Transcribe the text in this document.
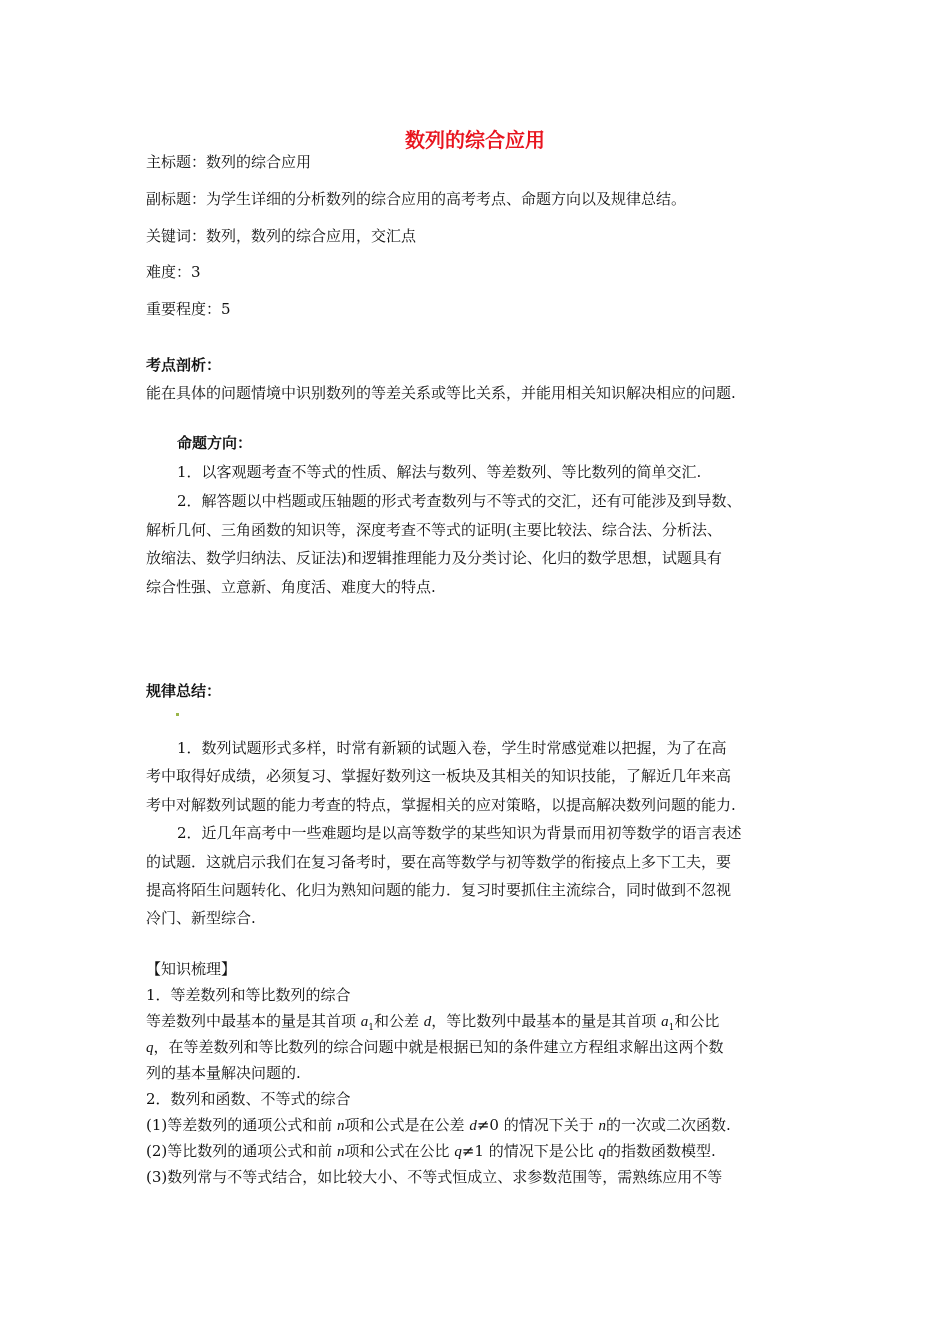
数列的综合应用
主标题：数列的综合应用
副标题：为学生详细的分析数列的综合应用的高考考点、命题方向以及规律总结。
关键词：数列，数列的综合应用，交汇点
难度：3
重要程度：5
考点剖析：
能在具体的问题情境中识别数列的等差关系或等比关系，并能用相关知识解决相应的问题.
命题方向：
1．以客观题考查不等式的性质、解法与数列、等差数列、等比数列的简单交汇.
2．解答题以中档题或压轴题的形式考查数列与不等式的交汇，还有可能涉及到导数、
解析几何、三角函数的知识等，深度考查不等式的证明(主要比较法、综合法、分析法、
放缩法、数学归纳法、反证法)和逻辑推理能力及分类讨论、化归的数学思想，试题具有
综合性强、立意新、角度活、难度大的特点.
规律总结：
1．数列试题形式多样，时常有新颖的试题入卷，学生时常感觉难以把握，为了在高
考中取得好成绩，必须复习、掌握好数列这一板块及其相关的知识技能，了解近几年来高
考中对解数列试题的能力考查的特点，掌握相关的应对策略，以提高解决数列问题的能力.
2．近几年高考中一些难题均是以高等数学的某些知识为背景而用初等数学的语言表述
的试题．这就启示我们在复习备考时，要在高等数学与初等数学的衔接点上多下工夫，要
提高将陌生问题转化、化归为熟知问题的能力．复习时要抓住主流综合，同时做到不忽视
冷门、新型综合.
【知识梳理】
1．等差数列和等比数列的综合
等差数列中最基本的量是其首项 $a_1$和公差 d，等比数列中最基本的量是其首项 $a_1$和公比
q，在等差数列和等比数列的综合问题中就是根据已知的条件建立方程组求解出这两个数
列的基本量解决问题的.
2．数列和函数、不等式的综合
(1)等差数列的通项公式和前 n项和公式是在公差 d≠0 的情况下关于 n的一次或二次函数.
(2)等比数列的通项公式和前 n项和公式在公比 q≠1 的情况下是公比 q的指数函数模型.
(3)数列常与不等式结合，如比较大小、不等式恒成立、求参数范围等，需熟练应用不等
